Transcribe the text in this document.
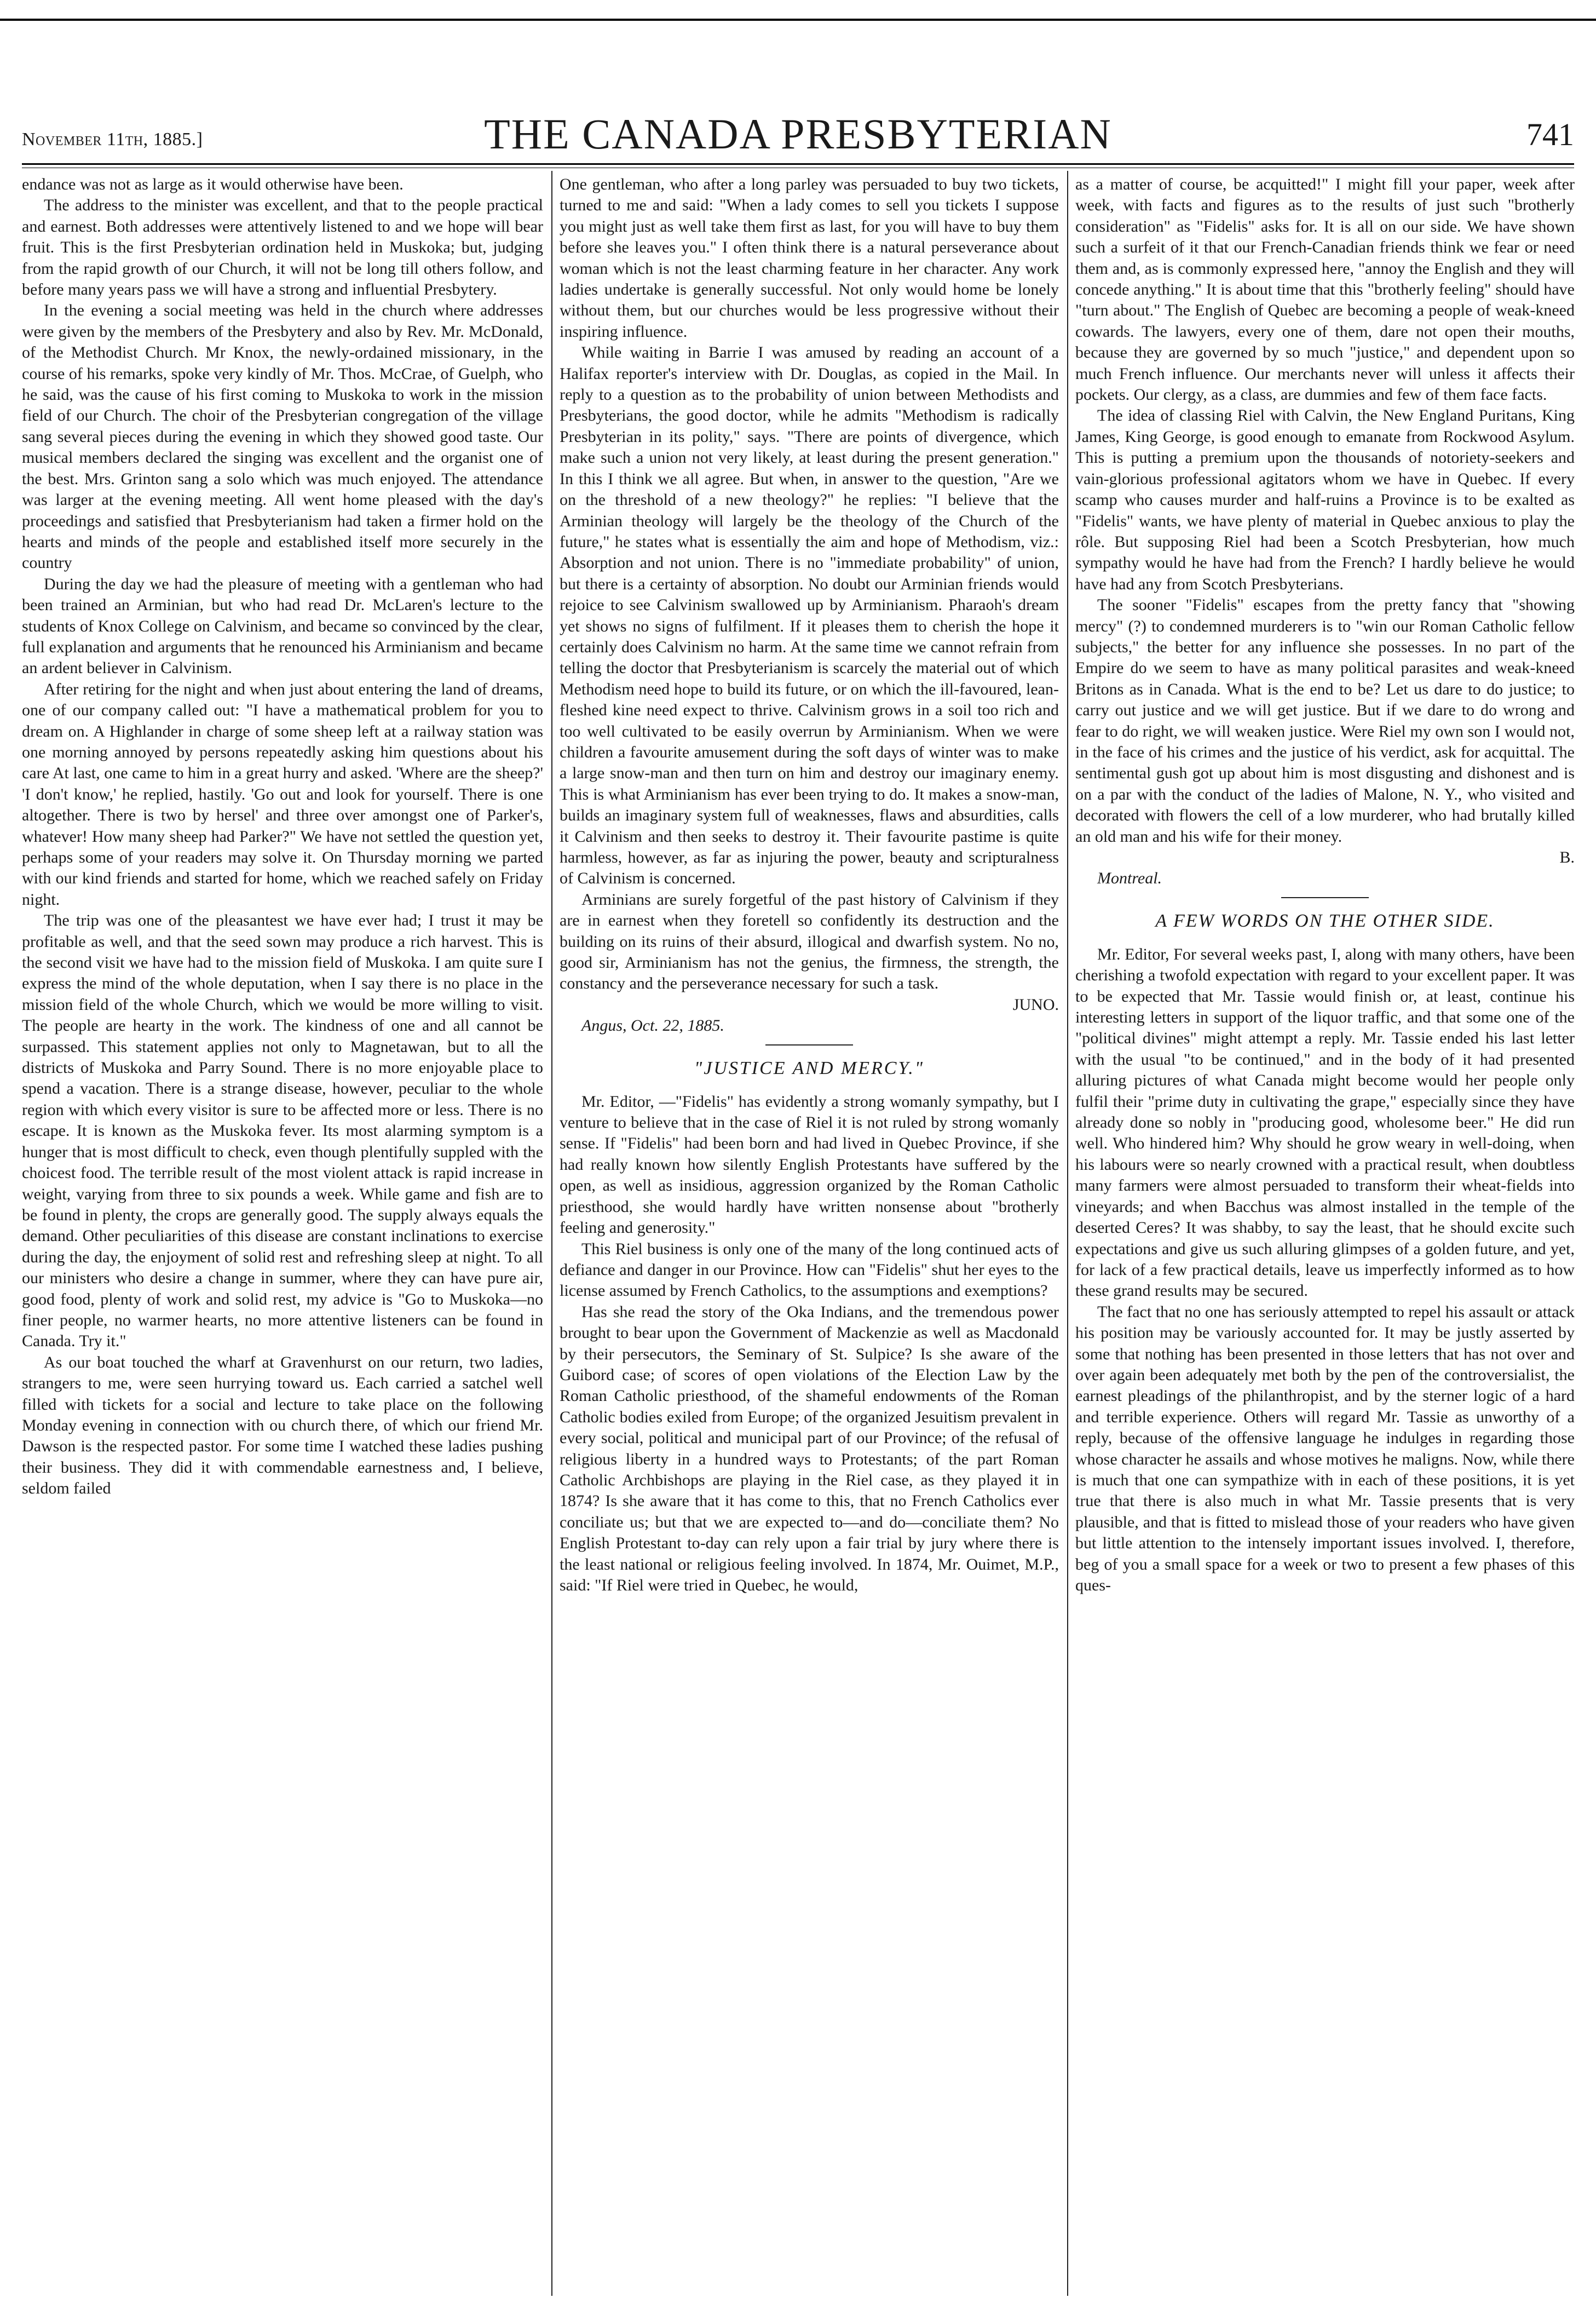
November 11th, 1885.]	THE CANADA PRESBYTERIAN	741

endance was not as large as it would otherwise have been.

The address to the minister was excellent, and that to the people practical and earnest. Both addresses were attentively listened to and we hope will bear fruit. This is the first Presbyterian ordination held in Muskoka; but, judging from the rapid growth of our Church, it will not be long till others follow, and before many years pass we will have a strong and influential Presbytery.

In the evening a social meeting was held in the church where addresses were given by the members of the Presbytery and also by Rev. Mr. McDonald, of the Methodist Church. Mr Knox, the newly-ordained missionary, in the course of his remarks, spoke very kindly of Mr. Thos. McCrae, of Guelph, who he said, was the cause of his first coming to Muskoka to work in the mission field of our Church. The choir of the Presbyterian congregation of the village sang several pieces during the evening in which they showed good taste. Our musical members declared the singing was excellent and the organist one of the best. Mrs. Grinton sang a solo which was much enjoyed. The attendance was larger at the evening meeting. All went home pleased with the day's proceedings and satisfied that Presbyterianism had taken a firmer hold on the hearts and minds of the people and established itself more securely in the country

During the day we had the pleasure of meeting with a gentleman who had been trained an Arminian, but who had read Dr. McLaren's lecture to the students of Knox College on Calvinism, and became so convinced by the clear, full explanation and arguments that he renounced his Arminianism and became an ardent believer in Calvinism.

After retiring for the night and when just about entering the land of dreams, one of our company called out: "I have a mathematical problem for you to dream on. A Highlander in charge of some sheep left at a railway station was one morning annoyed by persons repeatedly asking him questions about his care At last, one came to him in a great hurry and asked. 'Where are the sheep?' 'I don't know,' he replied, hastily. 'Go out and look for yourself. There is one altogether. There is two by hersel' and three over amongst one of Parker's, whatever! How many sheep had Parker?" We have not settled the question yet, perhaps some of your readers may solve it. On Thursday morning we parted with our kind friends and started for home, which we reached safely on Friday night.

The trip was one of the pleasantest we have ever had; I trust it may be profitable as well, and that the seed sown may produce a rich harvest. This is the second visit we have had to the mission field of Muskoka. I am quite sure I express the mind of the whole deputation, when I say there is no place in the mission field of the whole Church, which we would be more willing to visit. The people are hearty in the work. The kindness of one and all cannot be surpassed. This statement applies not only to Magnetawan, but to all the districts of Muskoka and Parry Sound. There is no more enjoyable place to spend a vacation. There is a strange disease, however, peculiar to the whole region with which every visitor is sure to be affected more or less. There is no escape. It is known as the Muskoka fever. Its most alarming symptom is a hunger that is most difficult to check, even though plentifully suppled with the choicest food. The terrible result of the most violent attack is rapid increase in weight, varying from three to six pounds a week. While game and fish are to be found in plenty, the crops are generally good. The supply always equals the demand. Other peculiarities of this disease are constant inclinations to exercise during the day, the enjoyment of solid rest and refreshing sleep at night. To all our ministers who desire a change in summer, where they can have pure air, good food, plenty of work and solid rest, my advice is "Go to Muskoka—no finer people, no warmer hearts, no more attentive listeners can be found in Canada. Try it."

As our boat touched the wharf at Gravenhurst on our return, two ladies, strangers to me, were seen hurrying toward us. Each carried a satchel well filled with tickets for a social and lecture to take place on the following Monday evening in connection with ou church there, of which our friend Mr. Dawson is the respected pastor. For some time I watched these ladies pushing their business. They did it with commendable earnestness and, I believe, seldom failed

One gentleman, who after a long parley was persuaded to buy two tickets, turned to me and said: "When a lady comes to sell you tickets I suppose you might just as well take them first as last, for you will have to buy them before she leaves you." I often think there is a natural perseverance about woman which is not the least charming feature in her character. Any work ladies undertake is generally successful. Not only would home be lonely without them, but our churches would be less progressive without their inspiring influence.

While waiting in Barrie I was amused by reading an account of a Halifax reporter's interview with Dr. Douglas, as copied in the Mail. In reply to a question as to the probability of union between Methodists and Presbyterians, the good doctor, while he admits "Methodism is radically Presbyterian in its polity," says. "There are points of divergence, which make such a union not very likely, at least during the present generation." In this I think we all agree. But when, in answer to the question, "Are we on the threshold of a new theology?" he replies: "I believe that the Arminian theology will largely be the theology of the Church of the future," he states what is essentially the aim and hope of Methodism, viz.: Absorption and not union. There is no "immediate probability" of union, but there is a certainty of absorption. No doubt our Arminian friends would rejoice to see Calvinism swallowed up by Arminianism. Pharaoh's dream yet shows no signs of fulfilment. If it pleases them to cherish the hope it certainly does Calvinism no harm. At the same time we cannot refrain from telling the doctor that Presbyterianism is scarcely the material out of which Methodism need hope to build its future, or on which the ill-favoured, lean-fleshed kine need expect to thrive. Calvinism grows in a soil too rich and too well cultivated to be easily overrun by Arminianism. When we were children a favourite amusement during the soft days of winter was to make a large snow-man and then turn on him and destroy our imaginary enemy. This is what Arminianism has ever been trying to do. It makes a snow-man, builds an imaginary system full of weaknesses, flaws and absurdities, calls it Calvinism and then seeks to destroy it. Their favourite pastime is quite harmless, however, as far as injuring the power, beauty and scripturalness of Calvinism is concerned.

Arminians are surely forgetful of the past history of Calvinism if they are in earnest when they foretell so confidently its destruction and the building on its ruins of their absurd, illogical and dwarfish system. No no, good sir, Arminianism has not the genius, the firmness, the strength, the constancy and the perseverance necessary for such a task.

JUNO.

Angus, Oct. 22, 1885.

"JUSTICE AND MERCY."

Mr. Editor, —"Fidelis" has evidently a strong womanly sympathy, but I venture to believe that in the case of Riel it is not ruled by strong womanly sense. If "Fidelis" had been born and had lived in Quebec Province, if she had really known how silently English Protestants have suffered by the open, as well as insidious, aggression organized by the Roman Catholic priesthood, she would hardly have written nonsense about "brotherly feeling and generosity."

This Riel business is only one of the many of the long continued acts of defiance and danger in our Province. How can "Fidelis" shut her eyes to the license assumed by French Catholics, to the assumptions and exemptions?

Has she read the story of the Oka Indians, and the tremendous power brought to bear upon the Government of Mackenzie as well as Macdonald by their persecutors, the Seminary of St. Sulpice? Is she aware of the Guibord case; of scores of open violations of the Election Law by the Roman Catholic priesthood, of the shameful endowments of the Roman Catholic bodies exiled from Europe; of the organized Jesuitism prevalent in every social, political and municipal part of our Province; of the refusal of religious liberty in a hundred ways to Protestants; of the part Roman Catholic Archbishops are playing in the Riel case, as they played it in 1874? Is she aware that it has come to this, that no French Catholics ever conciliate us; but that we are expected to—and do—conciliate them? No English Protestant to-day can rely upon a fair trial by jury where there is the least national or religious feeling involved. In 1874, Mr. Ouimet, M.P., said: "If Riel were tried in Quebec, he would,

as a matter of course, be acquitted!" I might fill your paper, week after week, with facts and figures as to the results of just such "brotherly consideration" as "Fidelis" asks for. It is all on our side. We have shown such a surfeit of it that our French-Canadian friends think we fear or need them and, as is commonly expressed here, "annoy the English and they will concede anything." It is about time that this "brotherly feeling" should have "turn about." The English of Quebec are becoming a people of weak-kneed cowards. The lawyers, every one of them, dare not open their mouths, because they are governed by so much "justice," and dependent upon so much French influence. Our merchants never will unless it affects their pockets. Our clergy, as a class, are dummies and few of them face facts.

The idea of classing Riel with Calvin, the New England Puritans, King James, King George, is good enough to emanate from Rockwood Asylum. This is putting a premium upon the thousands of notoriety-seekers and vain-glorious professional agitators whom we have in Quebec. If every scamp who causes murder and half-ruins a Province is to be exalted as "Fidelis" wants, we have plenty of material in Quebec anxious to play the rôle. But supposing Riel had been a Scotch Presbyterian, how much sympathy would he have had from the French? I hardly believe he would have had any from Scotch Presbyterians.

The sooner "Fidelis" escapes from the pretty fancy that "showing mercy" (?) to condemned murderers is to "win our Roman Catholic fellow subjects," the better for any influence she possesses. In no part of the Empire do we seem to have as many political parasites and weak-kneed Britons as in Canada. What is the end to be? Let us dare to do justice; to carry out justice and we will get justice. But if we dare to do wrong and fear to do right, we will weaken justice. Were Riel my own son I would not, in the face of his crimes and the justice of his verdict, ask for acquittal. The sentimental gush got up about him is most disgusting and dishonest and is on a par with the conduct of the ladies of Malone, N. Y., who visited and decorated with flowers the cell of a low murderer, who had brutally killed an old man and his wife for their money.

B.

Montreal.

A FEW WORDS ON THE OTHER SIDE.

Mr. Editor, For several weeks past, I, along with many others, have been cherishing a twofold expectation with regard to your excellent paper. It was to be expected that Mr. Tassie would finish or, at least, continue his interesting letters in support of the liquor traffic, and that some one of the "political divines" might attempt a reply. Mr. Tassie ended his last letter with the usual "to be continued," and in the body of it had presented alluring pictures of what Canada might become would her people only fulfil their "prime duty in cultivating the grape," especially since they have already done so nobly in "producing good, wholesome beer." He did run well. Who hindered him? Why should he grow weary in well-doing, when his labours were so nearly crowned with a practical result, when doubtless many farmers were almost persuaded to transform their wheat-fields into vineyards; and when Bacchus was almost installed in the temple of the deserted Ceres? It was shabby, to say the least, that he should excite such expectations and give us such alluring glimpses of a golden future, and yet, for lack of a few practical details, leave us imperfectly informed as to how these grand results may be secured.

The fact that no one has seriously attempted to repel his assault or attack his position may be variously accounted for. It may be justly asserted by some that nothing has been presented in those letters that has not over and over again been adequately met both by the pen of the controversialist, the earnest pleadings of the philanthropist, and by the sterner logic of a hard and terrible experience. Others will regard Mr. Tassie as unworthy of a reply, because of the offensive language he indulges in regarding those whose character he assails and whose motives he maligns. Now, while there is much that one can sympathize with in each of these positions, it is yet true that there is also much in what Mr. Tassie presents that is very plausible, and that is fitted to mislead those of your readers who have given but little attention to the intensely important issues involved. I, therefore, beg of you a small space for a week or two to present a few phases of this ques-
